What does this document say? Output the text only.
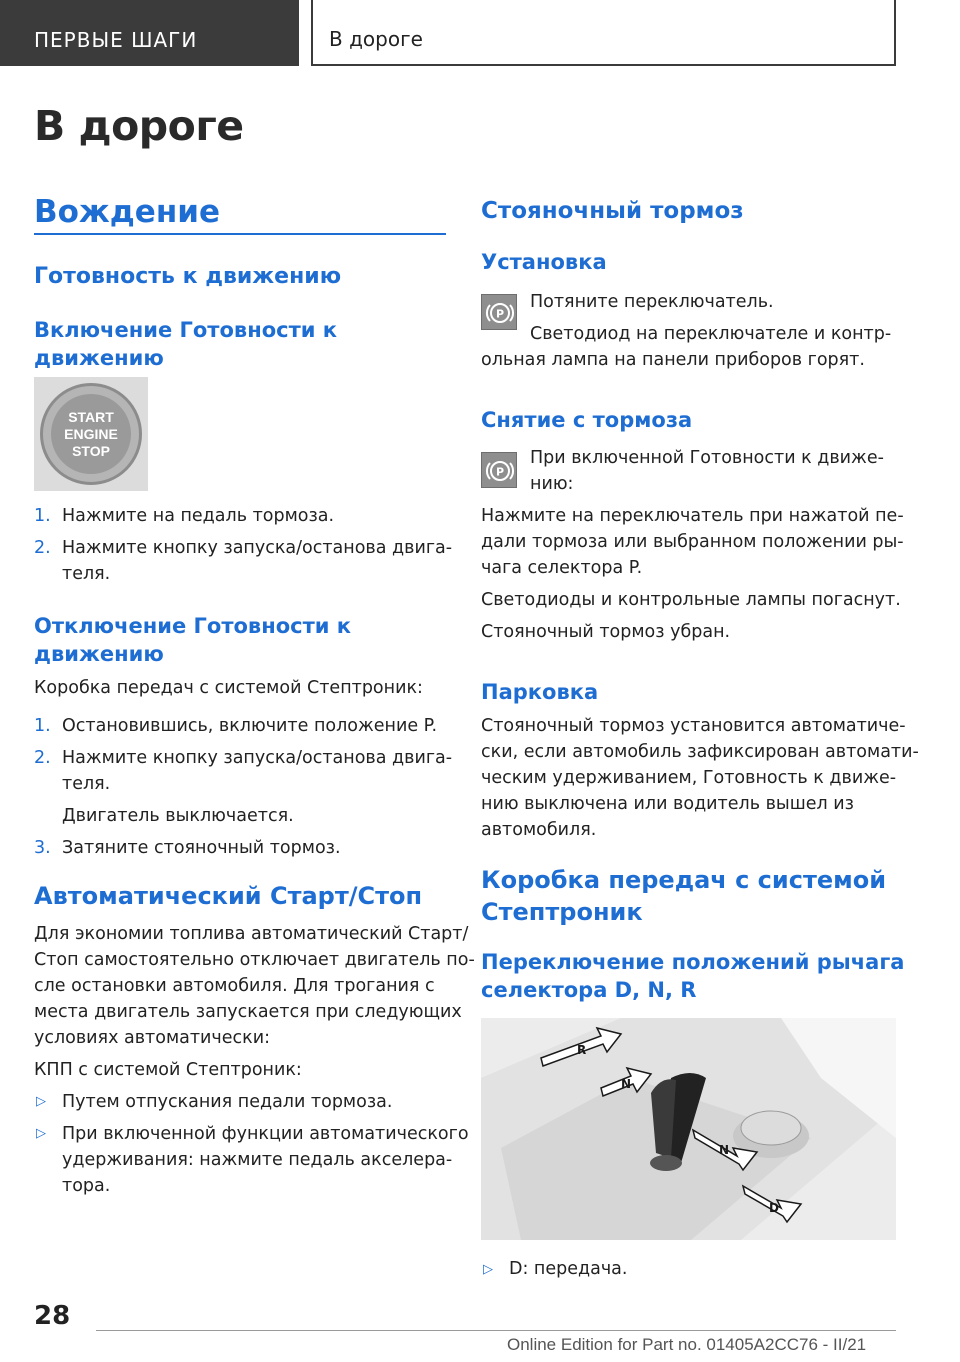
ПЕРВЫЕ ШАГИ	В дороге
В дороге
Вождение
Готовность к движению
Включение Готовности к
движению
START
ENGINE
STOP
1. Нажмите на педаль тормоза.
2. Нажмите кнопку запуска/останова двига-
теля.
Отключение Готовности к
движению
Коробка передач с системой Стептроник:
1. Остановившись, включите положение P.
2. Нажмите кнопку запуска/останова двига-
теля.
Двигатель выключается.
3. Затяните стояночный тормоз.
Автоматический Старт/Стоп
Для экономии топлива автоматический Старт/
Стоп самостоятельно отключает двигатель по-
сле остановки автомобиля. Для трогания с
места двигатель запускается при следующих
условиях автоматически:
КПП с системой Стептроник:
▷ Путем отпускания педали тормоза.
▷ При включенной функции автоматического
удерживания: нажмите педаль акселера-
тора.
Стояночный тормоз
Установка
P
Потяните переключатель.
Светодиод на переключателе и контр-
ольная лампа на панели приборов горят.
Снятие с тормоза
P
При включенной Готовности к движе-
нию:
Нажмите на переключатель при нажатой пе-
дали тормоза или выбранном положении ры-
чага селектора P.
Светодиоды и контрольные лампы погаснут.
Стояночный тормоз убран.
Парковка
Стояночный тормоз установится автоматиче-
ски, если автомобиль зафиксирован автомати-
ческим удерживанием, Готовность к движе-
нию выключена или водитель вышел из
автомобиля.
Коробка передач с системой
Стептроник
Переключение положений рычага
селектора D, N, R
R
N
N
D
▷ D: передача.
28
Online Edition for Part no. 01405A2CC76 - II/21
